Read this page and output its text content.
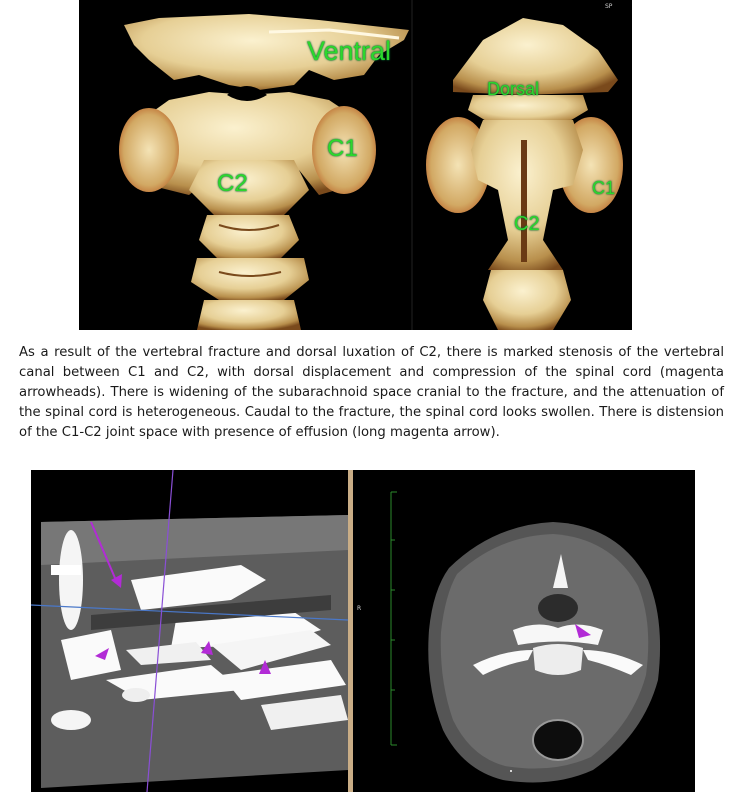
SP
Ventral
C1
C2
Dorsal
C1
C2

As a result of the vertebral fracture and dorsal luxation of C2, there is marked stenosis of the vertebral canal between C1 and C2, with dorsal displacement and compression of the spinal cord (magenta arrowheads). There is widening of the subarachnoid space cranial to the fracture, and the attenuation of the spinal cord is heterogeneous. Caudal to the fracture, the spinal cord looks swollen. There is distension of the C1-C2 joint space with presence of effusion (long magenta arrow).

R
